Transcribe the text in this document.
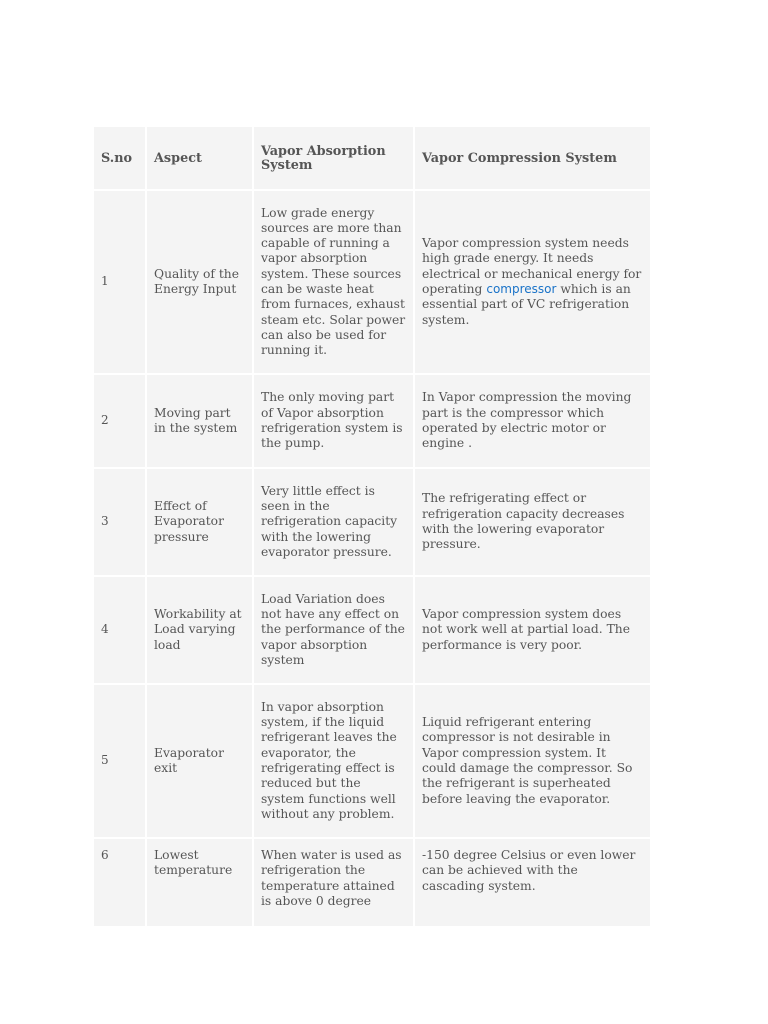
S.no	Aspect	Vapor Absorption System	Vapor Compression System
1	Quality of the Energy Input	Low grade energy sources are more than capable of running a vapor absorption system. These sources can be waste heat from furnaces, exhaust steam etc. Solar power can also be used for running it.	Vapor compression system needs high grade energy. It needs electrical or mechanical energy for operating compressor which is an essential part of VC refrigeration system.
2	Moving part in the system	The only moving part of Vapor absorption refrigeration system is the pump.	In Vapor compression the moving part is the compressor which operated by electric motor or engine .
3	Effect of Evaporator pressure	Very little effect is seen in the refrigeration capacity with the lowering evaporator pressure.	The refrigerating effect or refrigeration capacity decreases with the lowering evaporator pressure.
4	Workability at Load varying load	Load Variation does not have any effect on the performance of the vapor absorption system	Vapor compression system does not work well at partial load. The performance is very poor.
5	Evaporator exit	In vapor absorption system, if the liquid refrigerant leaves the evaporator, the refrigerating effect is reduced but the system functions well without any problem.	Liquid refrigerant entering compressor is not desirable in Vapor compression system. It could damage the compressor. So the refrigerant is superheated before leaving the evaporator.
6	Lowest temperature	When water is used as refrigeration the temperature attained is above 0 degree	-150 degree Celsius or even lower can be achieved with the cascading system.
